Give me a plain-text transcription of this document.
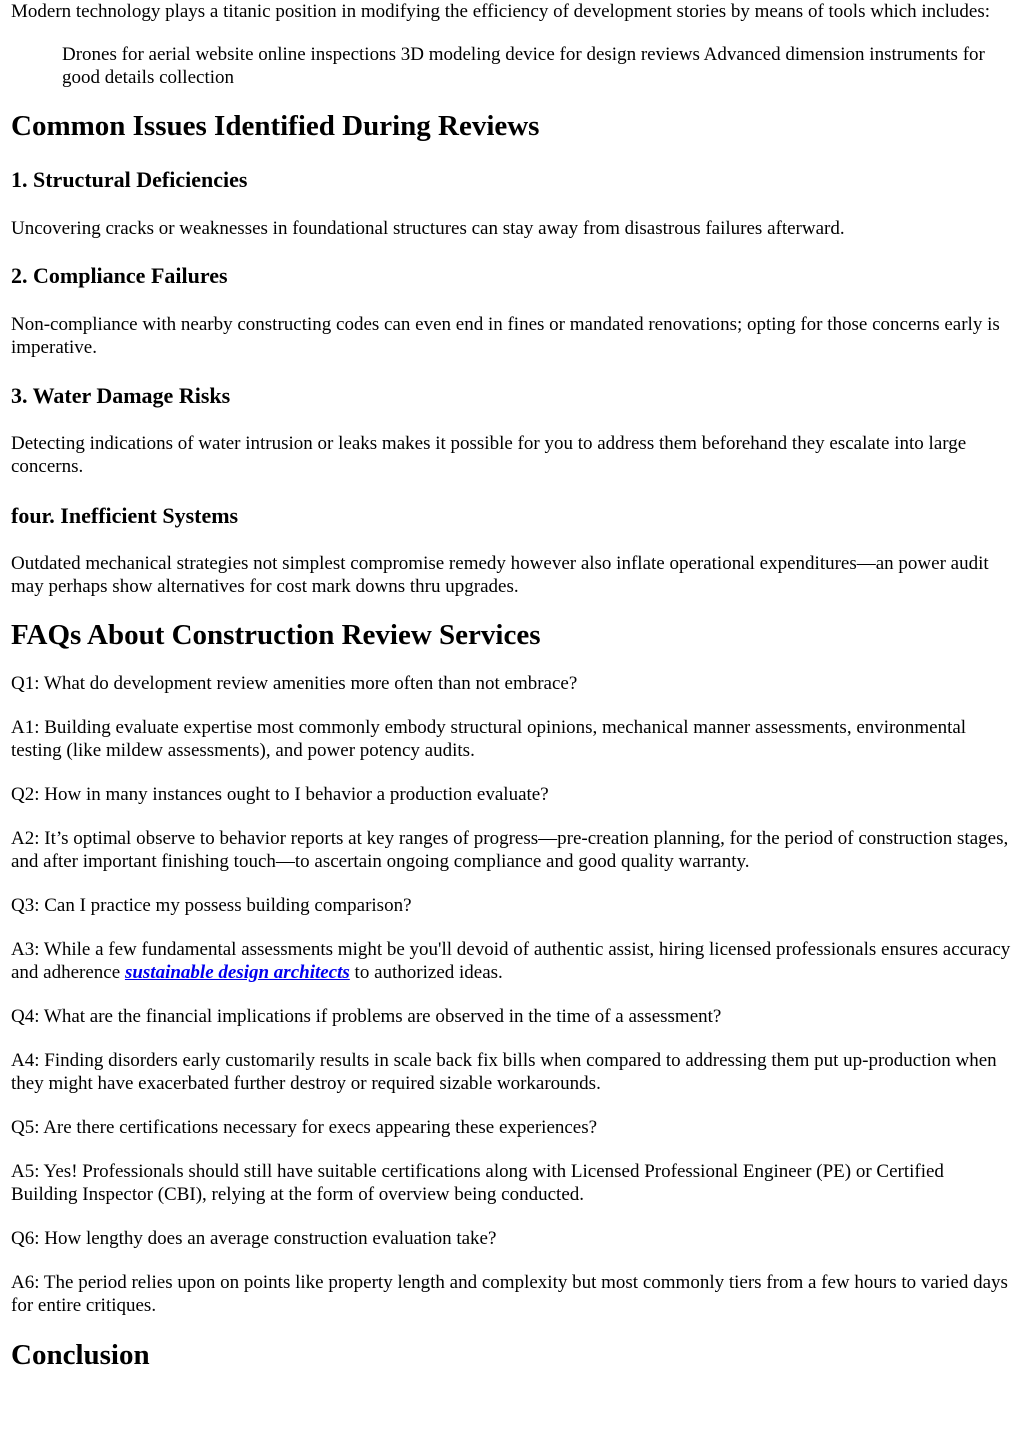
Modern technology plays a titanic position in modifying the efficiency of development stories by means of tools which includes:

Drones for aerial website online inspections 3D modeling device for design reviews Advanced dimension instruments for good details collection
Common Issues Identified During Reviews
1. Structural Deficiencies

Uncovering cracks or weaknesses in foundational structures can stay away from disastrous failures afterward.

2. Compliance Failures

Non-compliance with nearby constructing codes can even end in fines or mandated renovations; opting for those concerns early is imperative.

3. Water Damage Risks

Detecting indications of water intrusion or leaks makes it possible for you to address them beforehand they escalate into large concerns.

four. Inefficient Systems

Outdated mechanical strategies not simplest compromise remedy however also inflate operational expenditures—an power audit may perhaps show alternatives for cost mark downs thru upgrades.

FAQs About Construction Review Services

Q1: What do development review amenities more often than not embrace?

A1: Building evaluate expertise most commonly embody structural opinions, mechanical manner assessments, environmental testing (like mildew assessments), and power potency audits.

Q2: How in many instances ought to I behavior a production evaluate?

A2: It’s optimal observe to behavior reports at key ranges of progress—pre-creation planning, for the period of construction stages, and after important finishing touch—to ascertain ongoing compliance and good quality warranty.

Q3: Can I practice my possess building comparison?

A3: While a few fundamental assessments might be you'll devoid of authentic assist, hiring licensed professionals ensures accuracy and adherence sustainable design architects to authorized ideas.

Q4: What are the financial implications if problems are observed in the time of a assessment?

A4: Finding disorders early customarily results in scale back fix bills when compared to addressing them put up-production when they might have exacerbated further destroy or required sizable workarounds.

Q5: Are there certifications necessary for execs appearing these experiences?

A5: Yes! Professionals should still have suitable certifications along with Licensed Professional Engineer (PE) or Certified Building Inspector (CBI), relying at the form of overview being conducted.

Q6: How lengthy does an average construction evaluation take?

A6: The period relies upon on points like property length and complexity but most commonly tiers from a few hours to varied days for entire critiques.

Conclusion
